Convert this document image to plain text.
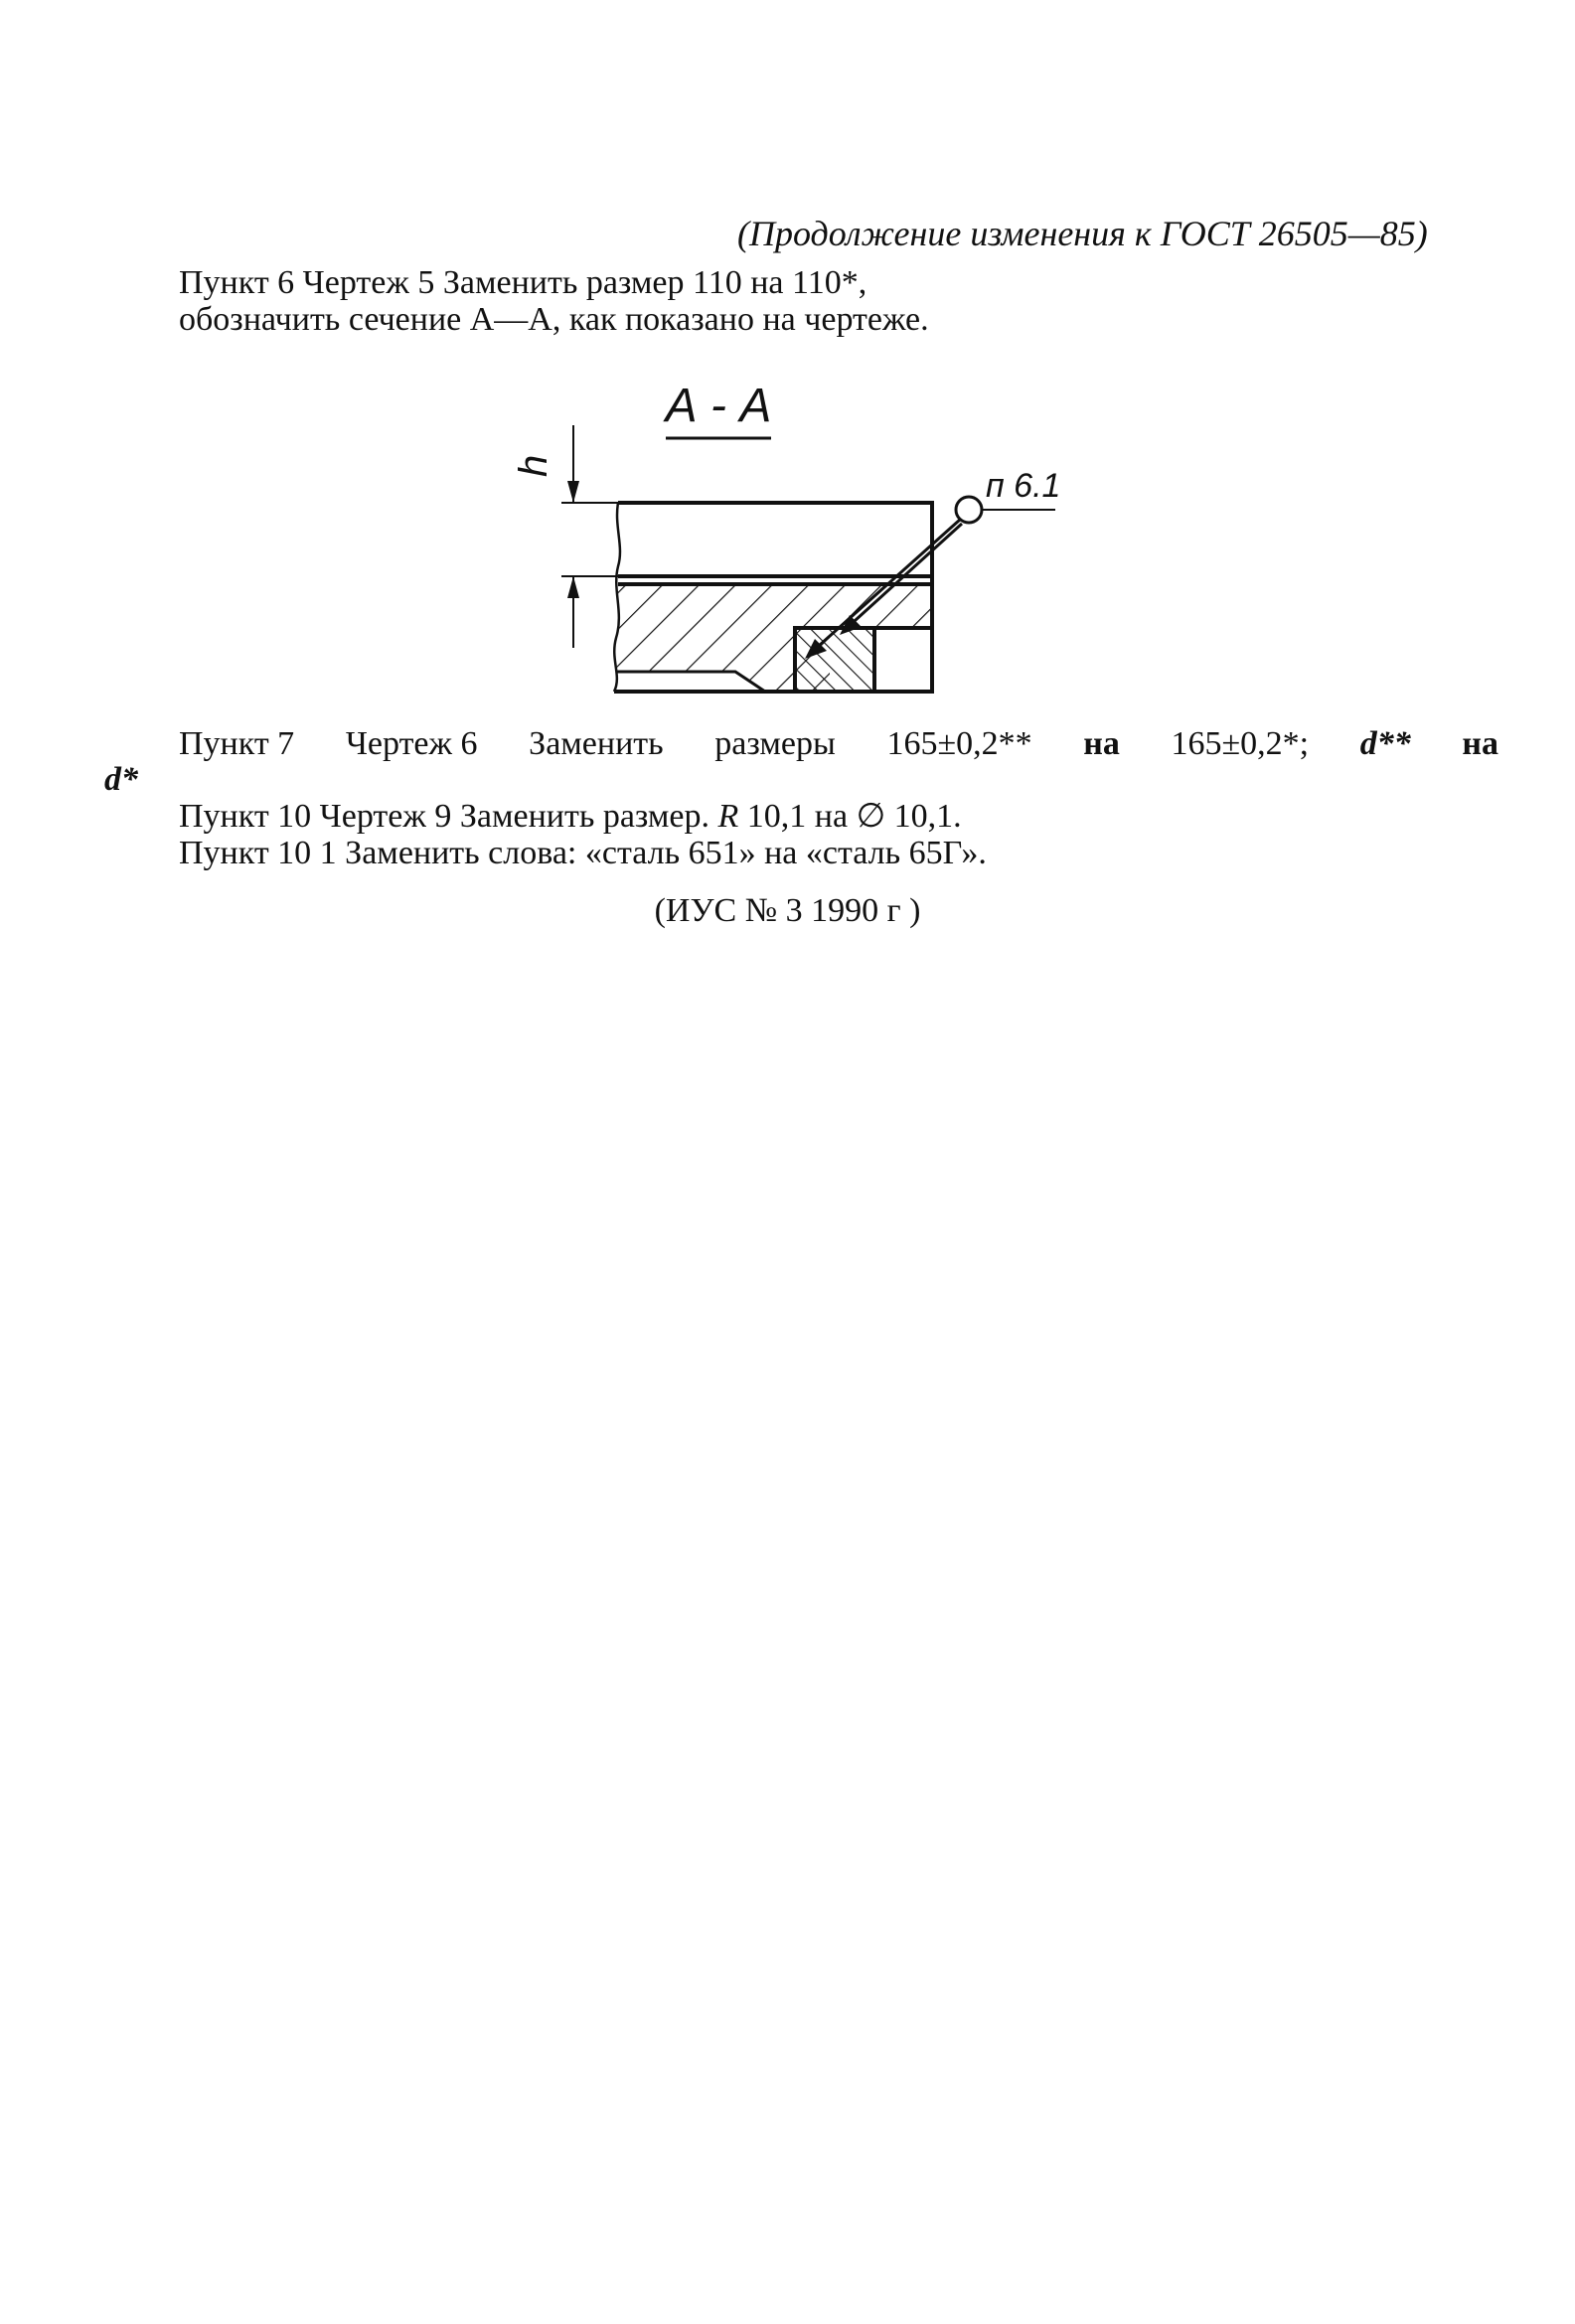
(Продолжение изменения к ГОСТ 26505—85)
Пункт 6 Чертеж 5 Заменить размер 110 на 110*,
обозначить сечение А—А, как показано на чертеже.
А - А
h
п 6.1
Пункт 7 Чертеж 6 Заменить размеры 165±0,2** на 165±0,2*; d** на
d*
Пункт 10 Чертеж 9 Заменить размер. R 10,1 на ∅ 10,1.
Пункт 10 1 Заменить слова: «сталь 651» на «сталь 65Г».
(ИУС № 3 1990 г )
